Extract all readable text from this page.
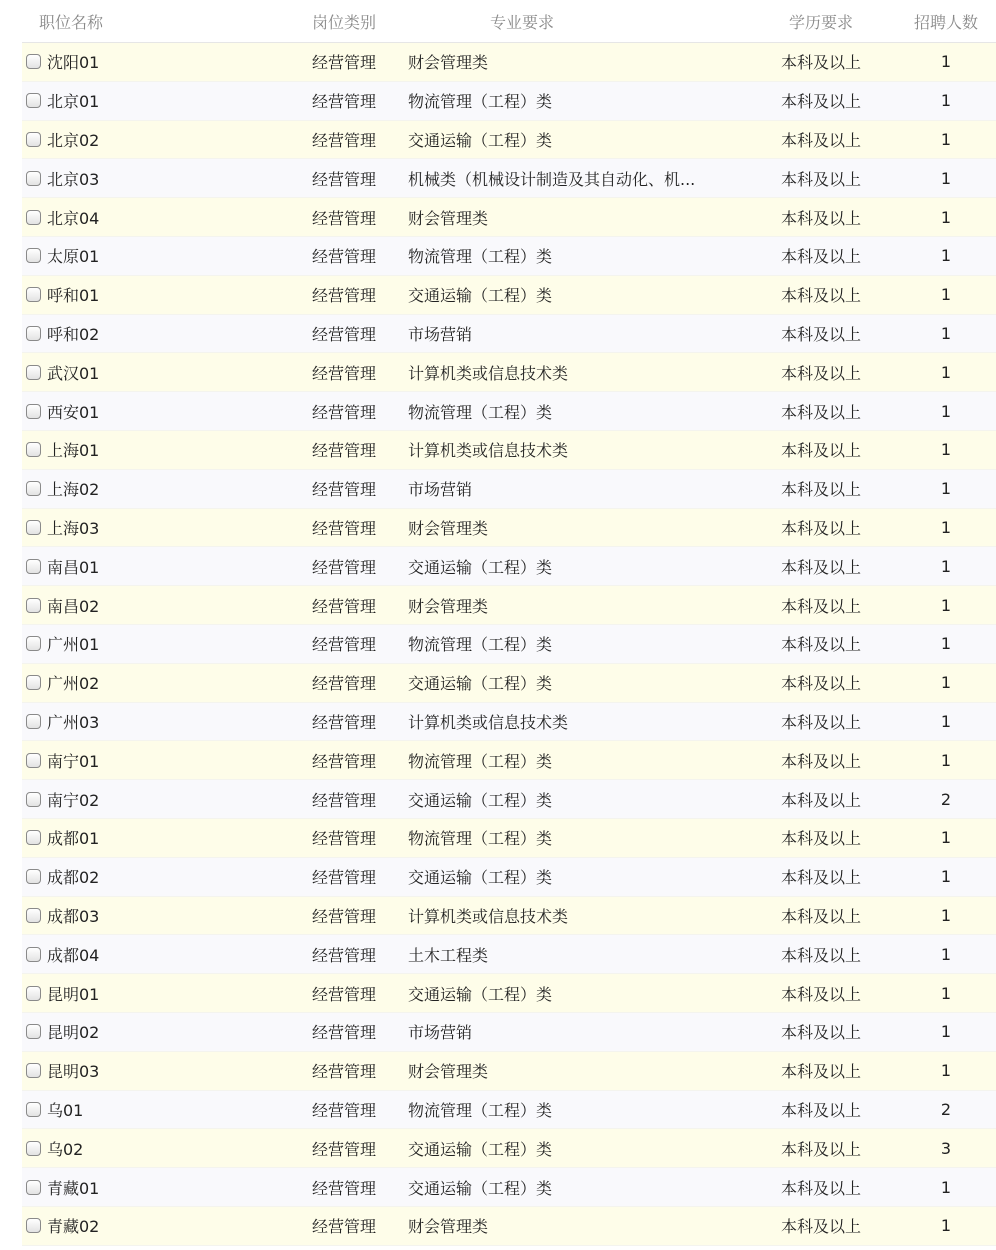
职位名称	岗位类别	专业要求	学历要求	招聘人数
沈阳01	经营管理	财会管理类	本科及以上	1
北京01	经营管理	物流管理（工程）类	本科及以上	1
北京02	经营管理	交通运输（工程）类	本科及以上	1
北京03	经营管理	机械类（机械设计制造及其自动化、机...	本科及以上	1
北京04	经营管理	财会管理类	本科及以上	1
太原01	经营管理	物流管理（工程）类	本科及以上	1
呼和01	经营管理	交通运输（工程）类	本科及以上	1
呼和02	经营管理	市场营销	本科及以上	1
武汉01	经营管理	计算机类或信息技术类	本科及以上	1
西安01	经营管理	物流管理（工程）类	本科及以上	1
上海01	经营管理	计算机类或信息技术类	本科及以上	1
上海02	经营管理	市场营销	本科及以上	1
上海03	经营管理	财会管理类	本科及以上	1
南昌01	经营管理	交通运输（工程）类	本科及以上	1
南昌02	经营管理	财会管理类	本科及以上	1
广州01	经营管理	物流管理（工程）类	本科及以上	1
广州02	经营管理	交通运输（工程）类	本科及以上	1
广州03	经营管理	计算机类或信息技术类	本科及以上	1
南宁01	经营管理	物流管理（工程）类	本科及以上	1
南宁02	经营管理	交通运输（工程）类	本科及以上	2
成都01	经营管理	物流管理（工程）类	本科及以上	1
成都02	经营管理	交通运输（工程）类	本科及以上	1
成都03	经营管理	计算机类或信息技术类	本科及以上	1
成都04	经营管理	土木工程类	本科及以上	1
昆明01	经营管理	交通运输（工程）类	本科及以上	1
昆明02	经营管理	市场营销	本科及以上	1
昆明03	经营管理	财会管理类	本科及以上	1
乌01	经营管理	物流管理（工程）类	本科及以上	2
乌02	经营管理	交通运输（工程）类	本科及以上	3
青藏01	经营管理	交通运输（工程）类	本科及以上	1
青藏02	经营管理	财会管理类	本科及以上	1
